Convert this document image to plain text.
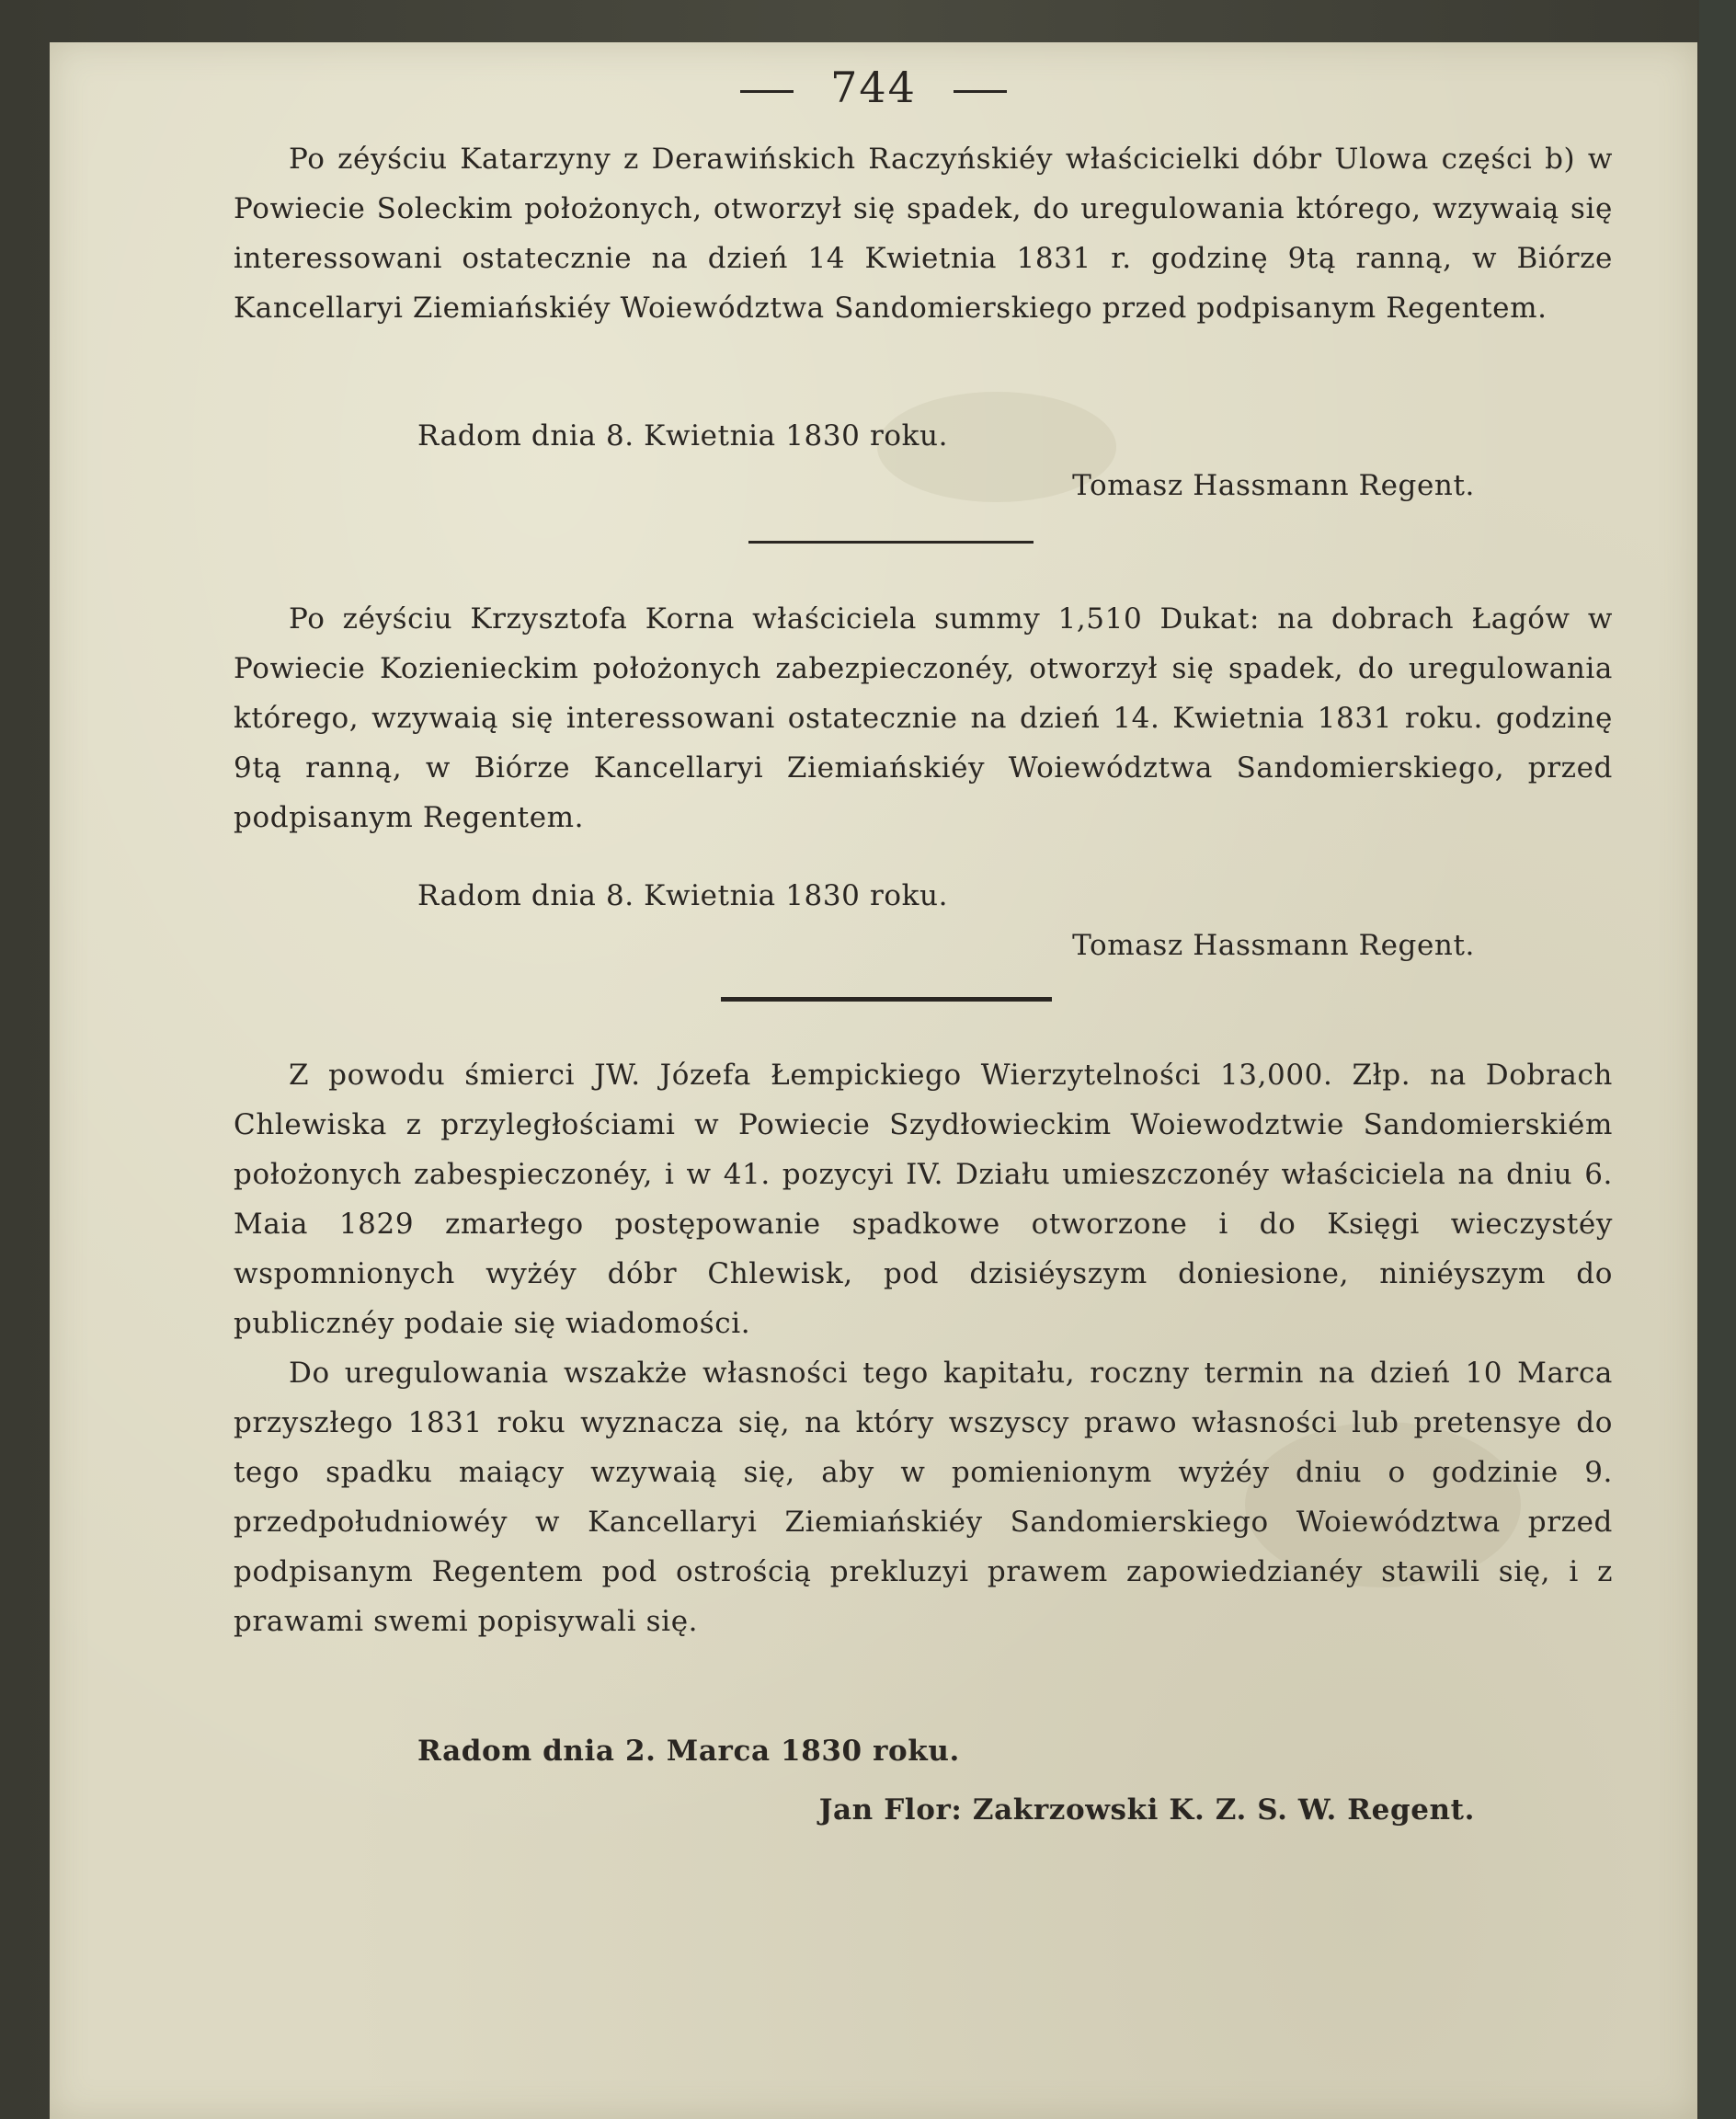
744

Po zéyściu Katarzyny z Derawińskich Raczyńskiéy właścicielki dóbr Ulowa części b) w Powiecie Soleckim położonych, otworzył się spadek, do uregulowania którego, wzywaią się interessowani ostatecznie na dzień 14 Kwietnia 1831 r. godzinę 9tą ranną, w Biórze Kancellaryi Ziemiańskiéy Woiewództwa Sandomierskiego przed podpisanym Regentem.

Radom dnia 8. Kwietnia 1830 roku.
Tomasz Hassmann Regent.

Po zéyściu Krzysztofa Korna właściciela summy 1,510 Dukat: na dobrach Łagów w Powiecie Kozienieckim położonych zabezpieczonéy, otworzył się spadek, do uregulowania którego, wzywaią się interessowani ostatecznie na dzień 14. Kwietnia 1831 roku. godzinę 9tą ranną, w Biórze Kancellaryi Ziemiańskiéy Woiewództwa Sandomierskiego, przed podpisanym Regentem.

Radom dnia 8. Kwietnia 1830 roku.
Tomasz Hassmann Regent.

Z powodu śmierci JW. Józefa Łempickiego Wierzytelności 13,000. Złp. na Dobrach Chlewiska z przyległościami w Powiecie Szydłowieckim Woiewodztwie Sandomierskiém położonych zabespieczonéy, i w 41. pozycyi IV. Działu umieszczonéy właściciela na dniu 6. Maia 1829 zmarłego postępowanie spadkowe otworzone i do Księgi wieczystéy wspomnionych wyżéy dóbr Chlewisk, pod dzisiéyszym doniesione, niniéyszym do publicznéy podaie się wiadomości.

Do uregulowania wszakże własności tego kapitału, roczny termin na dzień 10 Marca przyszłego 1831 roku wyznacza się, na który wszyscy prawo własności lub pretensye do tego spadku maiący wzywaią się, aby w pomienionym wyżéy dniu o godzinie 9. przedpołudniowéy w Kancellaryi Ziemiańskiéy Sandomierskiego Woiewództwa przed podpisanym Regentem pod ostrością prekluzyi prawem zapowiedzianéy stawili się, i z prawami swemi popisywali się.

Radom dnia 2. Marca 1830 roku.
Jan Flor: Zakrzowski K. Z. S. W. Regent.
